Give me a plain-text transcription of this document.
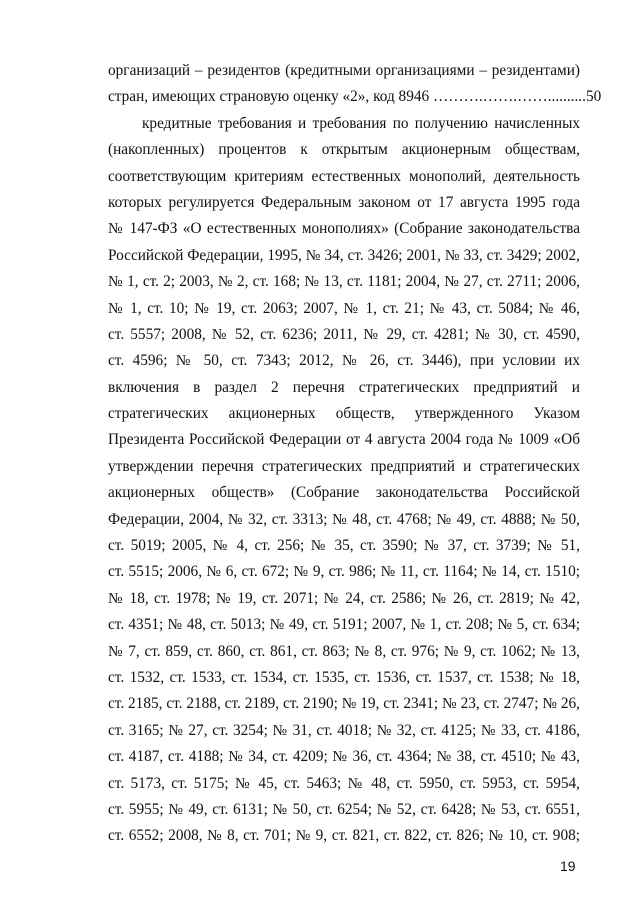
организаций – резидентов (кредитными организациями – резидентами)
стран, имеющих страновую оценку «2», код 8946 ……….…….……..........50
кредитные требования и требования по получению начисленных
(накопленных) процентов к открытым акционерным обществам,
соответствующим критериям естественных монополий, деятельность
которых регулируется Федеральным законом от 17 августа 1995 года
№ 147-ФЗ «О естественных монополиях» (Собрание законодательства
Российской Федерации, 1995, № 34, ст. 3426; 2001, № 33, ст. 3429; 2002,
№ 1, ст. 2; 2003, № 2, ст. 168; № 13, ст. 1181; 2004, № 27, ст. 2711; 2006,
№ 1, ст. 10; № 19, ст. 2063; 2007, № 1, ст. 21; № 43, ст. 5084; № 46,
ст. 5557; 2008, № 52, ст. 6236; 2011, № 29, ст. 4281; № 30, ст. 4590,
ст. 4596; № 50, ст. 7343; 2012, № 26, ст. 3446), при условии их
включения в раздел 2 перечня стратегических предприятий и
стратегических акционерных обществ, утвержденного Указом
Президента Российской Федерации от 4 августа 2004 года № 1009 «Об
утверждении перечня стратегических предприятий и стратегических
акционерных обществ» (Собрание законодательства Российской
Федерации, 2004, № 32, ст. 3313; № 48, ст. 4768; № 49, ст. 4888; № 50,
ст. 5019; 2005, № 4, ст. 256; № 35, ст. 3590; № 37, ст. 3739; № 51,
ст. 5515; 2006, № 6, ст. 672; № 9, ст. 986; № 11, ст. 1164; № 14, ст. 1510;
№ 18, ст. 1978; № 19, ст. 2071; № 24, ст. 2586; № 26, ст. 2819; № 42,
ст. 4351; № 48, ст. 5013; № 49, ст. 5191; 2007, № 1, ст. 208; № 5, ст. 634;
№ 7, ст. 859, ст. 860, ст. 861, ст. 863; № 8, ст. 976; № 9, ст. 1062; № 13,
ст. 1532, ст. 1533, ст. 1534, ст. 1535, ст. 1536, ст. 1537, ст. 1538; № 18,
ст. 2185, ст. 2188, ст. 2189, ст. 2190; № 19, ст. 2341; № 23, ст. 2747; № 26,
ст. 3165; № 27, ст. 3254; № 31, ст. 4018; № 32, ст. 4125; № 33, ст. 4186,
ст. 4187, ст. 4188; № 34, ст. 4209; № 36, ст. 4364; № 38, ст. 4510; № 43,
ст. 5173, ст. 5175; № 45, ст. 5463; № 48, ст. 5950, ст. 5953, ст. 5954,
ст. 5955; № 49, ст. 6131; № 50, ст. 6254; № 52, ст. 6428; № 53, ст. 6551,
ст. 6552; 2008, № 8, ст. 701; № 9, ст. 821, ст. 822, ст. 826; № 10, ст. 908;
19
